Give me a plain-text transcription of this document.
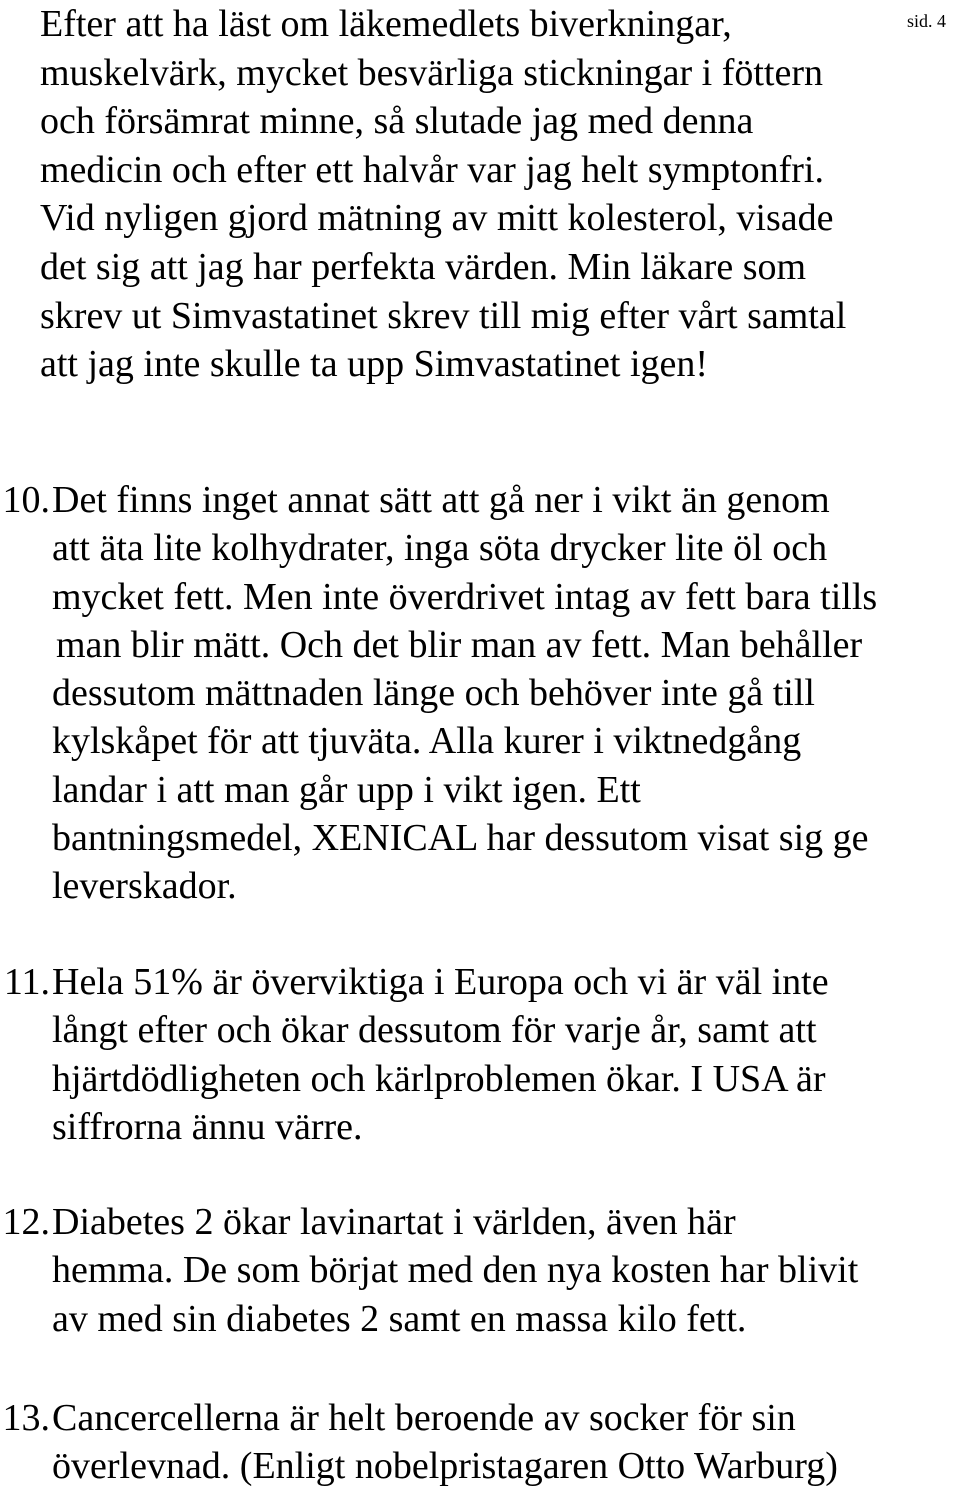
sid. 4

Efter att ha läst om läkemedlets biverkningar,
muskelvärk, mycket besvärliga stickningar i föttern
och försämrat minne, så slutade jag med denna
medicin och efter ett halvår var jag helt symptonfri.
Vid nyligen gjord mätning av mitt kolesterol, visade
det sig att jag har perfekta värden. Min läkare som
skrev ut Simvastatinet skrev till mig efter vårt samtal
att jag inte skulle ta upp Simvastatinet igen!

10. Det finns inget annat sätt att gå ner i vikt än genom
att äta lite kolhydrater, inga söta drycker lite öl och
mycket fett. Men inte överdrivet intag av fett bara tills
man blir mätt. Och det blir man av fett. Man behåller
dessutom mättnaden länge och behöver inte gå till
kylskåpet för att tjuväta. Alla kurer i viktnedgång
landar i att man går upp i vikt igen. Ett
bantningsmedel, XENICAL har dessutom visat sig ge
leverskador.
11. Hela 51% är överviktiga i Europa och vi är väl inte
långt efter och ökar dessutom för varje år, samt att
hjärtdödligheten och kärlproblemen ökar. I USA är
siffrorna ännu värre.
12. Diabetes 2 ökar lavinartat i världen, även här
hemma. De som börjat med den nya kosten har blivit
av med sin diabetes 2 samt en massa kilo fett.
13. Cancercellerna är helt beroende av socker för sin
överlevnad. (Enligt nobelpristagaren Otto Warburg)
